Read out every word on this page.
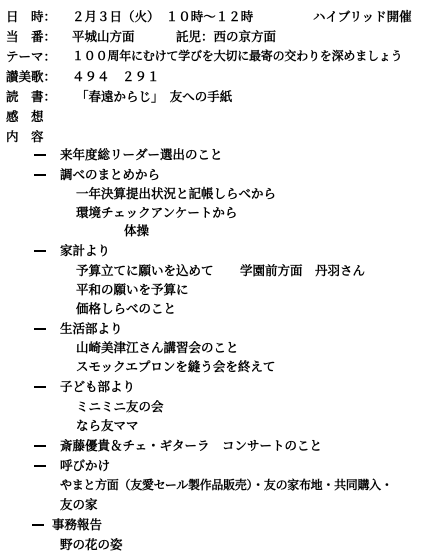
日　時： ２月３日（火）　１０時～１２時	ハイブリッド開催
当　番： 平城山方面	託児：西の京方面
テーマ： １００周年にむけて学びを大切に最寄の交わりを深めましょう
讃美歌： ４９４　２９１
読　書： 「春遠からじ」　友への手紙
感　想
内　容
来年度総リーダー選出のこと
調べのまとめから
一年決算提出状況と記帳しらべから
環境チェックアンケートから
体操
家計より
予算立てに願いを込めて 学園前方面　丹羽さん
平和の願いを予算に
価格しらべのこと
生活部より
山崎美津江さん講習会のこと
スモックエプロンを縫う会を終えて
子ども部より
ミニミニ友の会
なら友ママ
斎藤優貴＆チェ・ギターラ　コンサートのこと
呼びかけ
やまと方面（友愛セール製作品販売）・友の家布地・共同購入・
友の家
事務報告
野の花の姿
